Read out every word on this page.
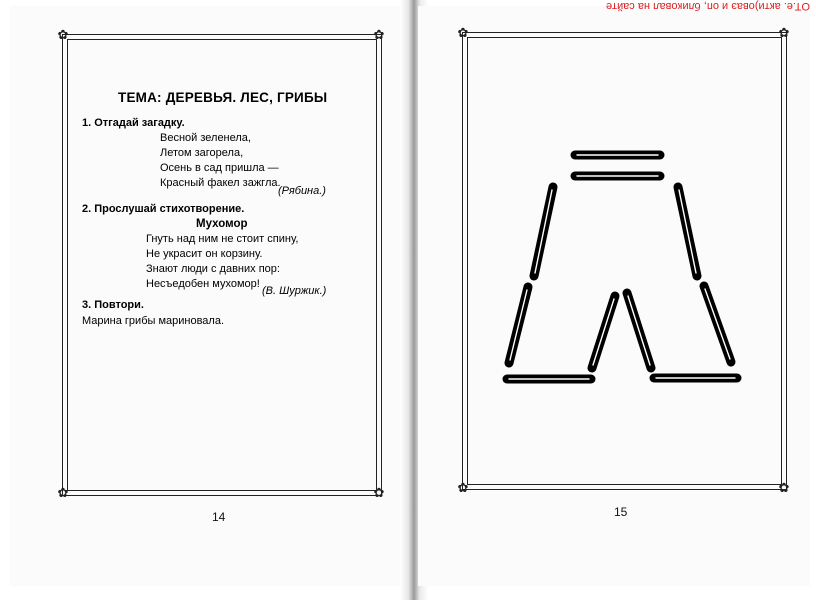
✿	✿
✿	✿
ТЕМА: ДЕРЕВЬЯ. ЛЕС, ГРИБЫ
1. Отгадай загадку.
Весной зеленела,
Летом загорела,
Осень в сад пришла —
Красный факел зажгла.
(Рябина.)
2. Прослушай стихотворение.
Мухомор
Гнуть над ним не стоит спину,
Не украсит он корзину.
Знают люди с давних пор:
Несъедобен мухомор!
(В. Шуржик.)
3. Повтори.
Марина грибы мариновала.
14
✿	✿
✿	✿
15
ОТ.е. акти)оваэ и оп, бликовал на сайте
